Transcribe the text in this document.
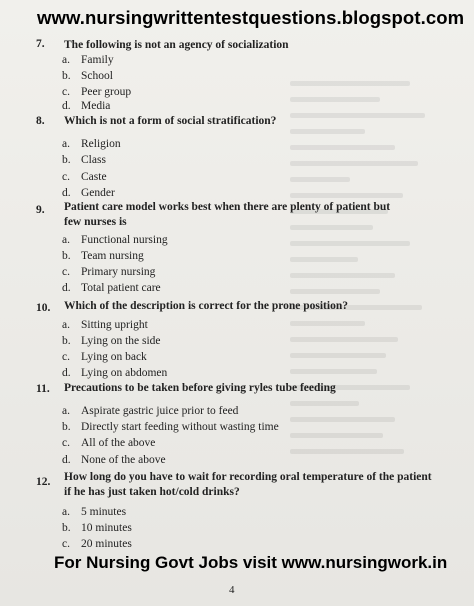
www.nursingwrittentestquestions.blogspot.com
7. The following is not an agency of socialization
a. Family
b. School
c. Peer group
d. Media
8. Which is not a form of social stratification?
a. Religion
b. Class
c. Caste
d. Gender
9. Patient care model works best when there are plenty of patient but few nurses is
a. Functional nursing
b. Team nursing
c. Primary nursing
d. Total patient care
10. Which of the description is correct for the prone position?
a. Sitting upright
b. Lying on the side
c. Lying on back
d. Lying on abdomen
11. Precautions to be taken before giving ryles tube feeding
a. Aspirate gastric juice prior to feed
b. Directly start feeding without wasting time
c. All of the above
d. None of the above
12. How long do you have to wait for recording oral temperature of the patient if he has just taken hot/cold drinks?
a. 5 minutes
b. 10 minutes
c. 20 minutes
For Nursing Govt Jobs visit www.nursingwork.in
4
